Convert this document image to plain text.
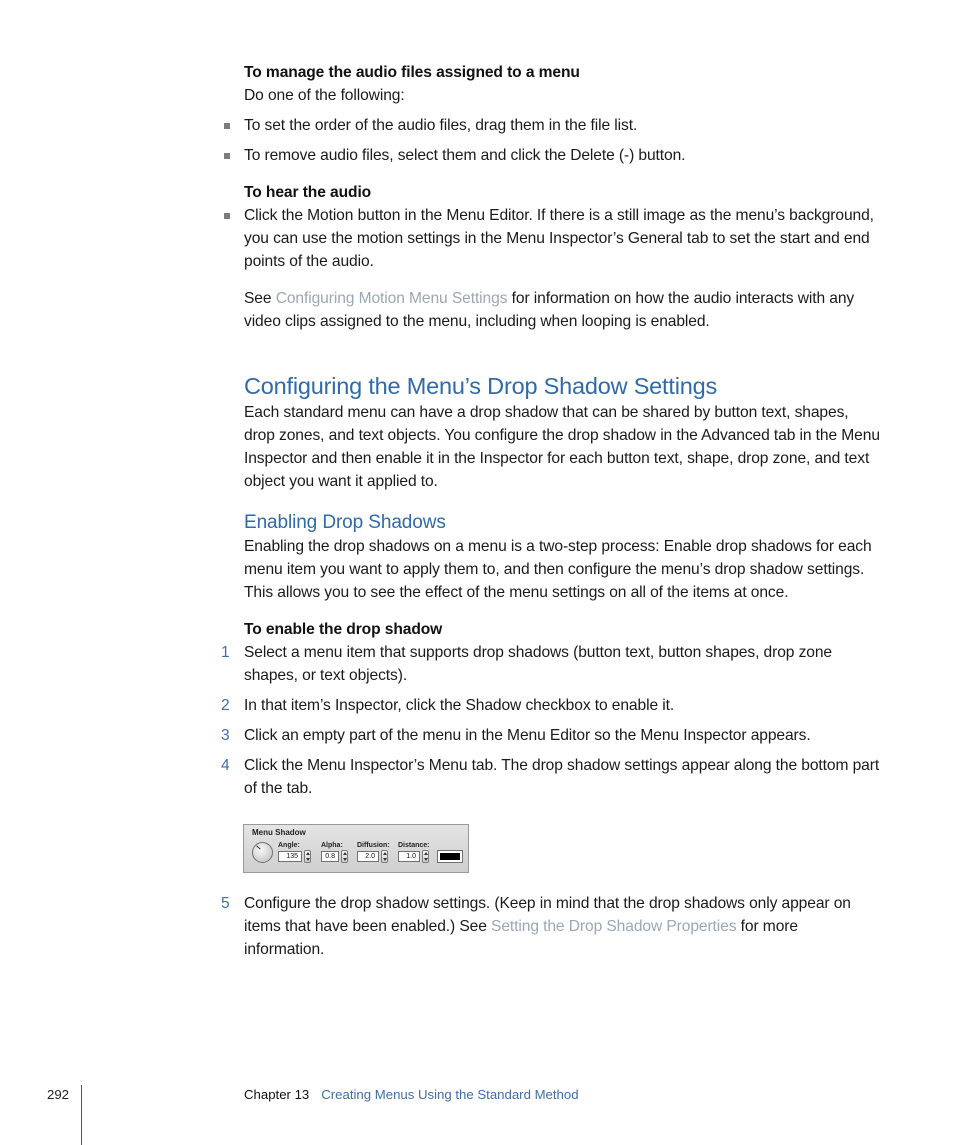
To manage the audio files assigned to a menu
Do one of the following:
To set the order of the audio files, drag them in the file list.
To remove audio files, select them and click the Delete (-) button.
To hear the audio
Click the Motion button in the Menu Editor. If there is a still image as the menu’s background, you can use the motion settings in the Menu Inspector’s General tab to set the start and end points of the audio.
See Configuring Motion Menu Settings for information on how the audio interacts with any video clips assigned to the menu, including when looping is enabled.
Configuring the Menu’s Drop Shadow Settings
Each standard menu can have a drop shadow that can be shared by button text, shapes, drop zones, and text objects. You configure the drop shadow in the Advanced tab in the Menu Inspector and then enable it in the Inspector for each button text, shape, drop zone, and text object you want it applied to.
Enabling Drop Shadows
Enabling the drop shadows on a menu is a two-step process: Enable drop shadows for each menu item you want to apply them to, and then configure the menu’s drop shadow settings. This allows you to see the effect of the menu settings on all of the items at once.
To enable the drop shadow
1 Select a menu item that supports drop shadows (button text, button shapes, drop zone shapes, or text objects).
2 In that item’s Inspector, click the Shadow checkbox to enable it.
3 Click an empty part of the menu in the Menu Editor so the Menu Inspector appears.
4 Click the Menu Inspector’s Menu tab. The drop shadow settings appear along the bottom part of the tab.
Menu Shadow
Angle:
135
Alpha:
0.8
Diffusion:
2.0
Distance:
1.0
5 Configure the drop shadow settings. (Keep in mind that the drop shadows only appear on items that have been enabled.) See Setting the Drop Shadow Properties for more information.
292	Chapter 13 Creating Menus Using the Standard Method
